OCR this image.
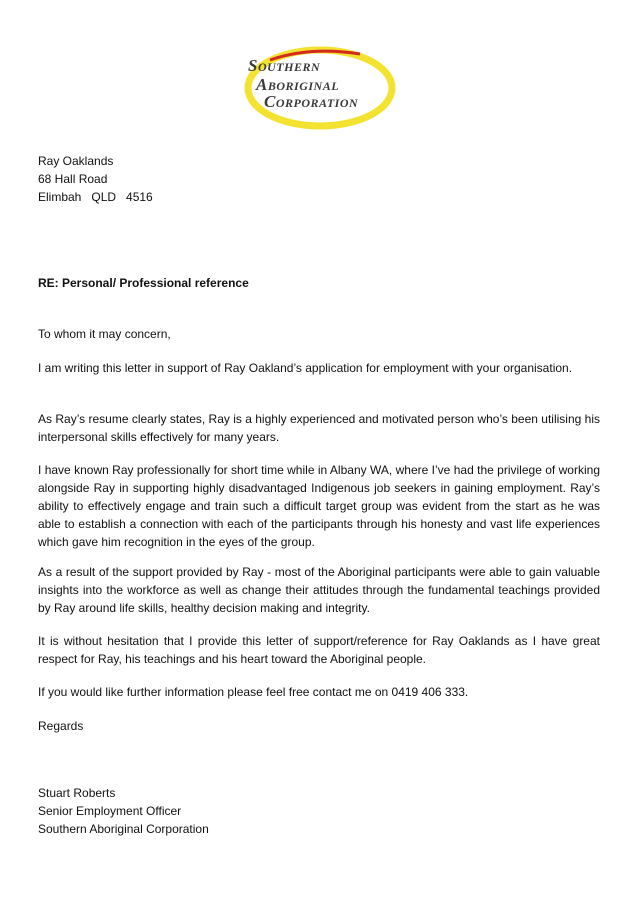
SOUTHERN
ABORIGINAL
CORPORATION
Ray Oaklands
68 Hall Road
Elimbah   QLD   4516
RE: Personal/ Professional reference
To whom it may concern,

I am writing this letter in support of Ray Oakland’s application for employment with your organisation.

As Ray’s resume clearly states, Ray is a highly experienced and motivated person who’s been utilising his interpersonal skills effectively for many years.

I have known Ray professionally for short time while in Albany WA, where I’ve had the privilege of working alongside Ray in supporting highly disadvantaged Indigenous job seekers in gaining employment. Ray’s ability to effectively engage and train such a difficult target group was evident from the start as he was able to establish a connection with each of the participants through his honesty and vast life experiences which gave him recognition in the eyes of the group.

As a result of the support provided by Ray - most of the Aboriginal participants were able to gain valuable insights into the workforce as well as change their attitudes through the fundamental teachings provided by Ray around life skills, healthy decision making and integrity.

It is without hesitation that I provide this letter of support/reference for Ray Oaklands as I have great respect for Ray, his teachings and his heart toward the Aboriginal people.

If you would like further information please feel free contact me on 0419 406 333.

Regards
Stuart Roberts
Senior Employment Officer
Southern Aboriginal Corporation
